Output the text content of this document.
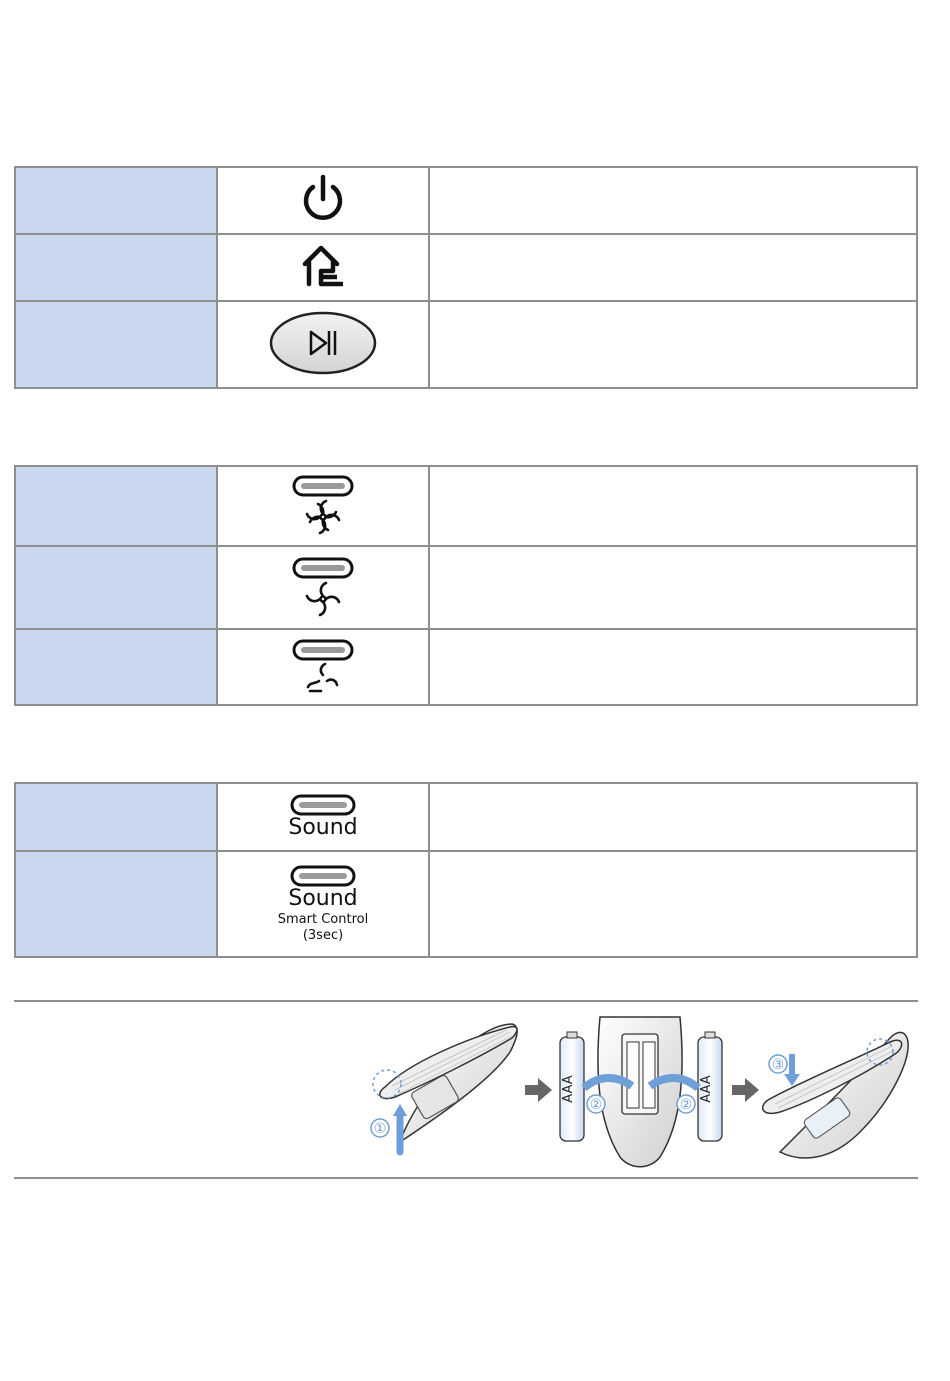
	Sound	

	Sound
Smart Control
(3sec)	

①
AAA	AAA
②	②
③
